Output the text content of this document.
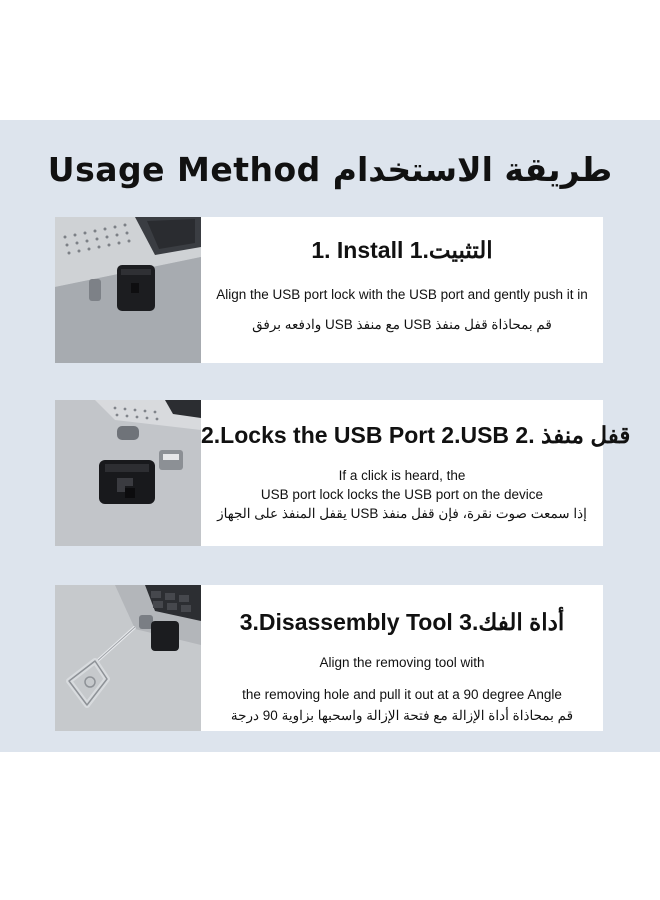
Usage Method طريقة الاستخدام
1. Install 1.التثبيت
Align the USB port lock with the USB port and gently push it in
قم بمحاذاة قفل منفذ USB مع منفذ USB وادفعه برفق
2.Locks the USB Port 2.USB قفل منفذ .2
If a click is heard, the
USB port lock locks the USB port on the device
إذا سمعت صوت نقرة، فإن قفل منفذ USB يقفل المنفذ على الجهاز
3.Disassembly Tool 3.أداة الفك
Align the removing tool with
the removing hole and pull it out at a 90 degree Angle
قم بمحاذاة أداة الإزالة مع فتحة الإزالة واسحبها بزاوية 90 درجة
